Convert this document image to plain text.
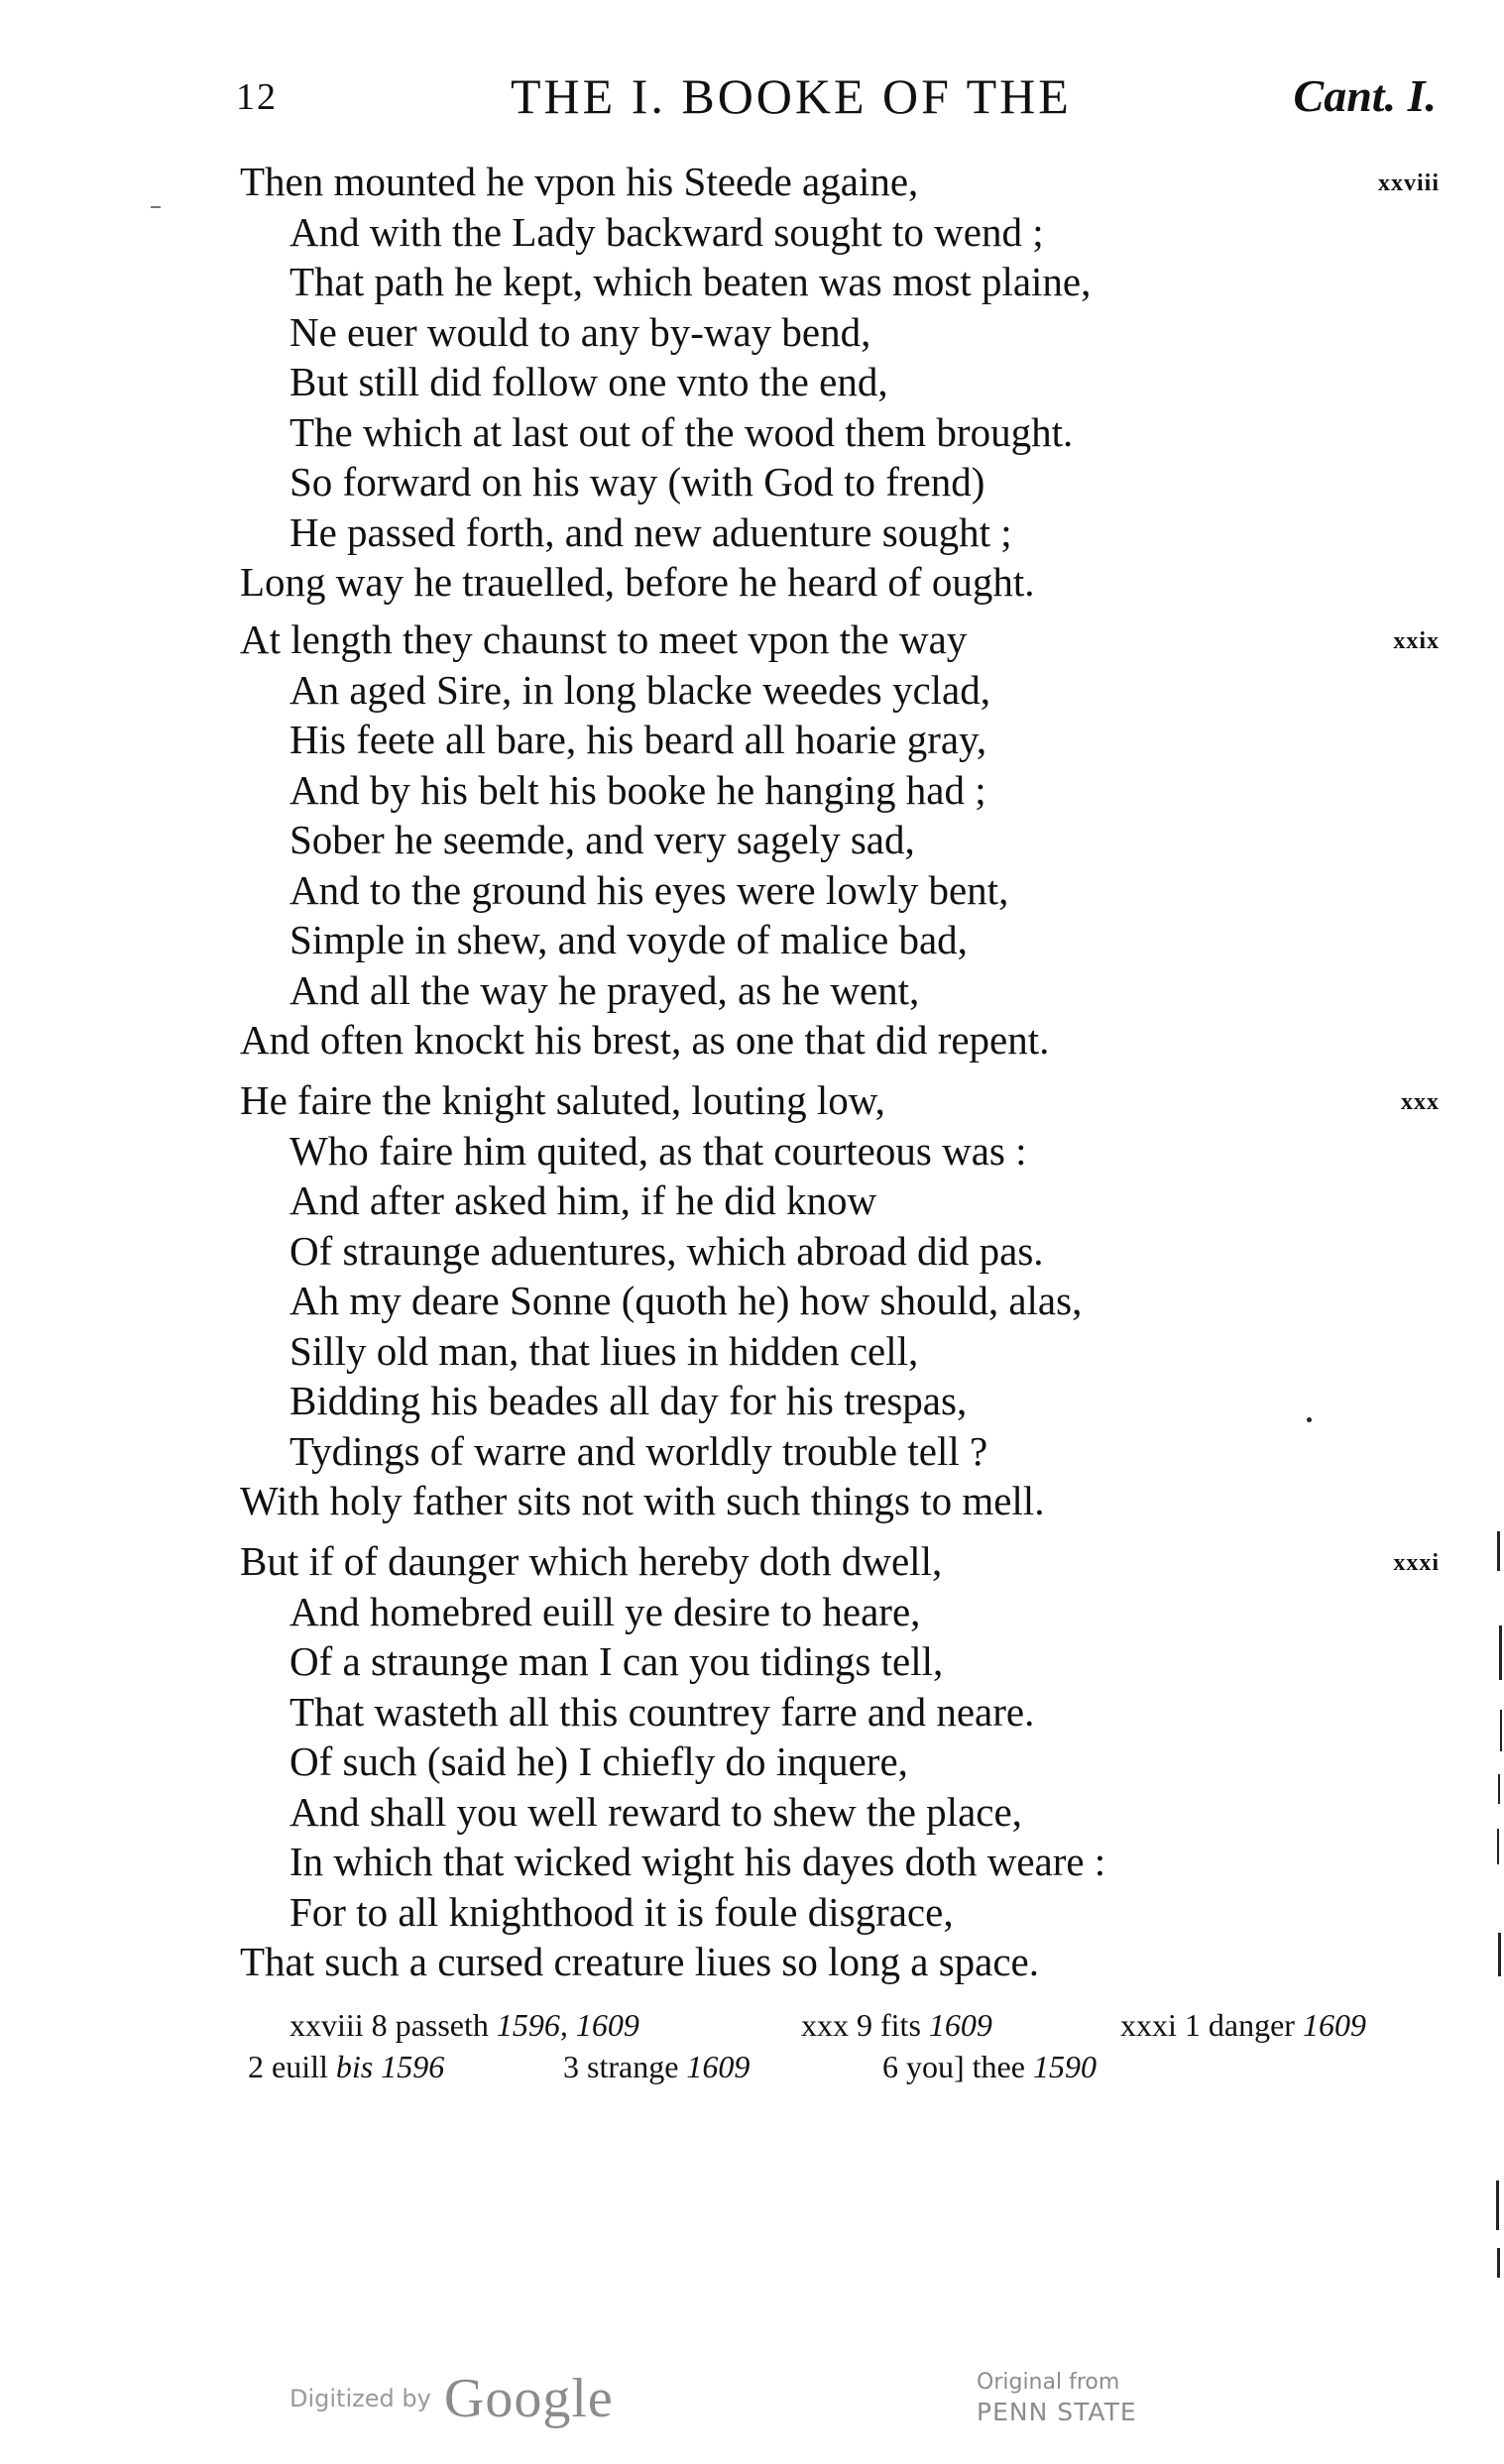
12	THE I. BOOKE OF THE	Cant. I.
xxviii
Then mounted he vpon his Steede againe,
And with the Lady backward sought to wend ;
That path he kept, which beaten was most plaine,
Ne euer would to any by-way bend,
But still did follow one vnto the end,
The which at last out of the wood them brought.
So forward on his way (with God to frend)
He passed forth, and new aduenture sought ;
Long way he trauelled, before he heard of ought.
xxix
At length they chaunst to meet vpon the way
An aged Sire, in long blacke weedes yclad,
His feete all bare, his beard all hoarie gray,
And by his belt his booke he hanging had ;
Sober he seemde, and very sagely sad,
And to the ground his eyes were lowly bent,
Simple in shew, and voyde of malice bad,
And all the way he prayed, as he went,
And often knockt his brest, as one that did repent.
xxx
He faire the knight saluted, louting low,
Who faire him quited, as that courteous was :
And after asked him, if he did know
Of straunge aduentures, which abroad did pas.
Ah my deare Sonne (quoth he) how should, alas,
Silly old man, that liues in hidden cell,
Bidding his beades all day for his trespas,
Tydings of warre and worldly trouble tell ?
With holy father sits not with such things to mell.
xxxi
But if of daunger which hereby doth dwell,
And homebred euill ye desire to heare,
Of a straunge man I can you tidings tell,
That wasteth all this countrey farre and neare.
Of such (said he) I chiefly do inquere,
And shall you well reward to shew the place,
In which that wicked wight his dayes doth weare :
For to all knighthood it is foule disgrace,
That such a cursed creature liues so long a space.
xxviii 8 passeth 1596, 1609	xxx 9 fits 1609	xxxi 1 danger 1609
2 euill bis 1596	3 strange 1609	6 you] thee 1590
Digitized by Google	Original from
PENN STATE
